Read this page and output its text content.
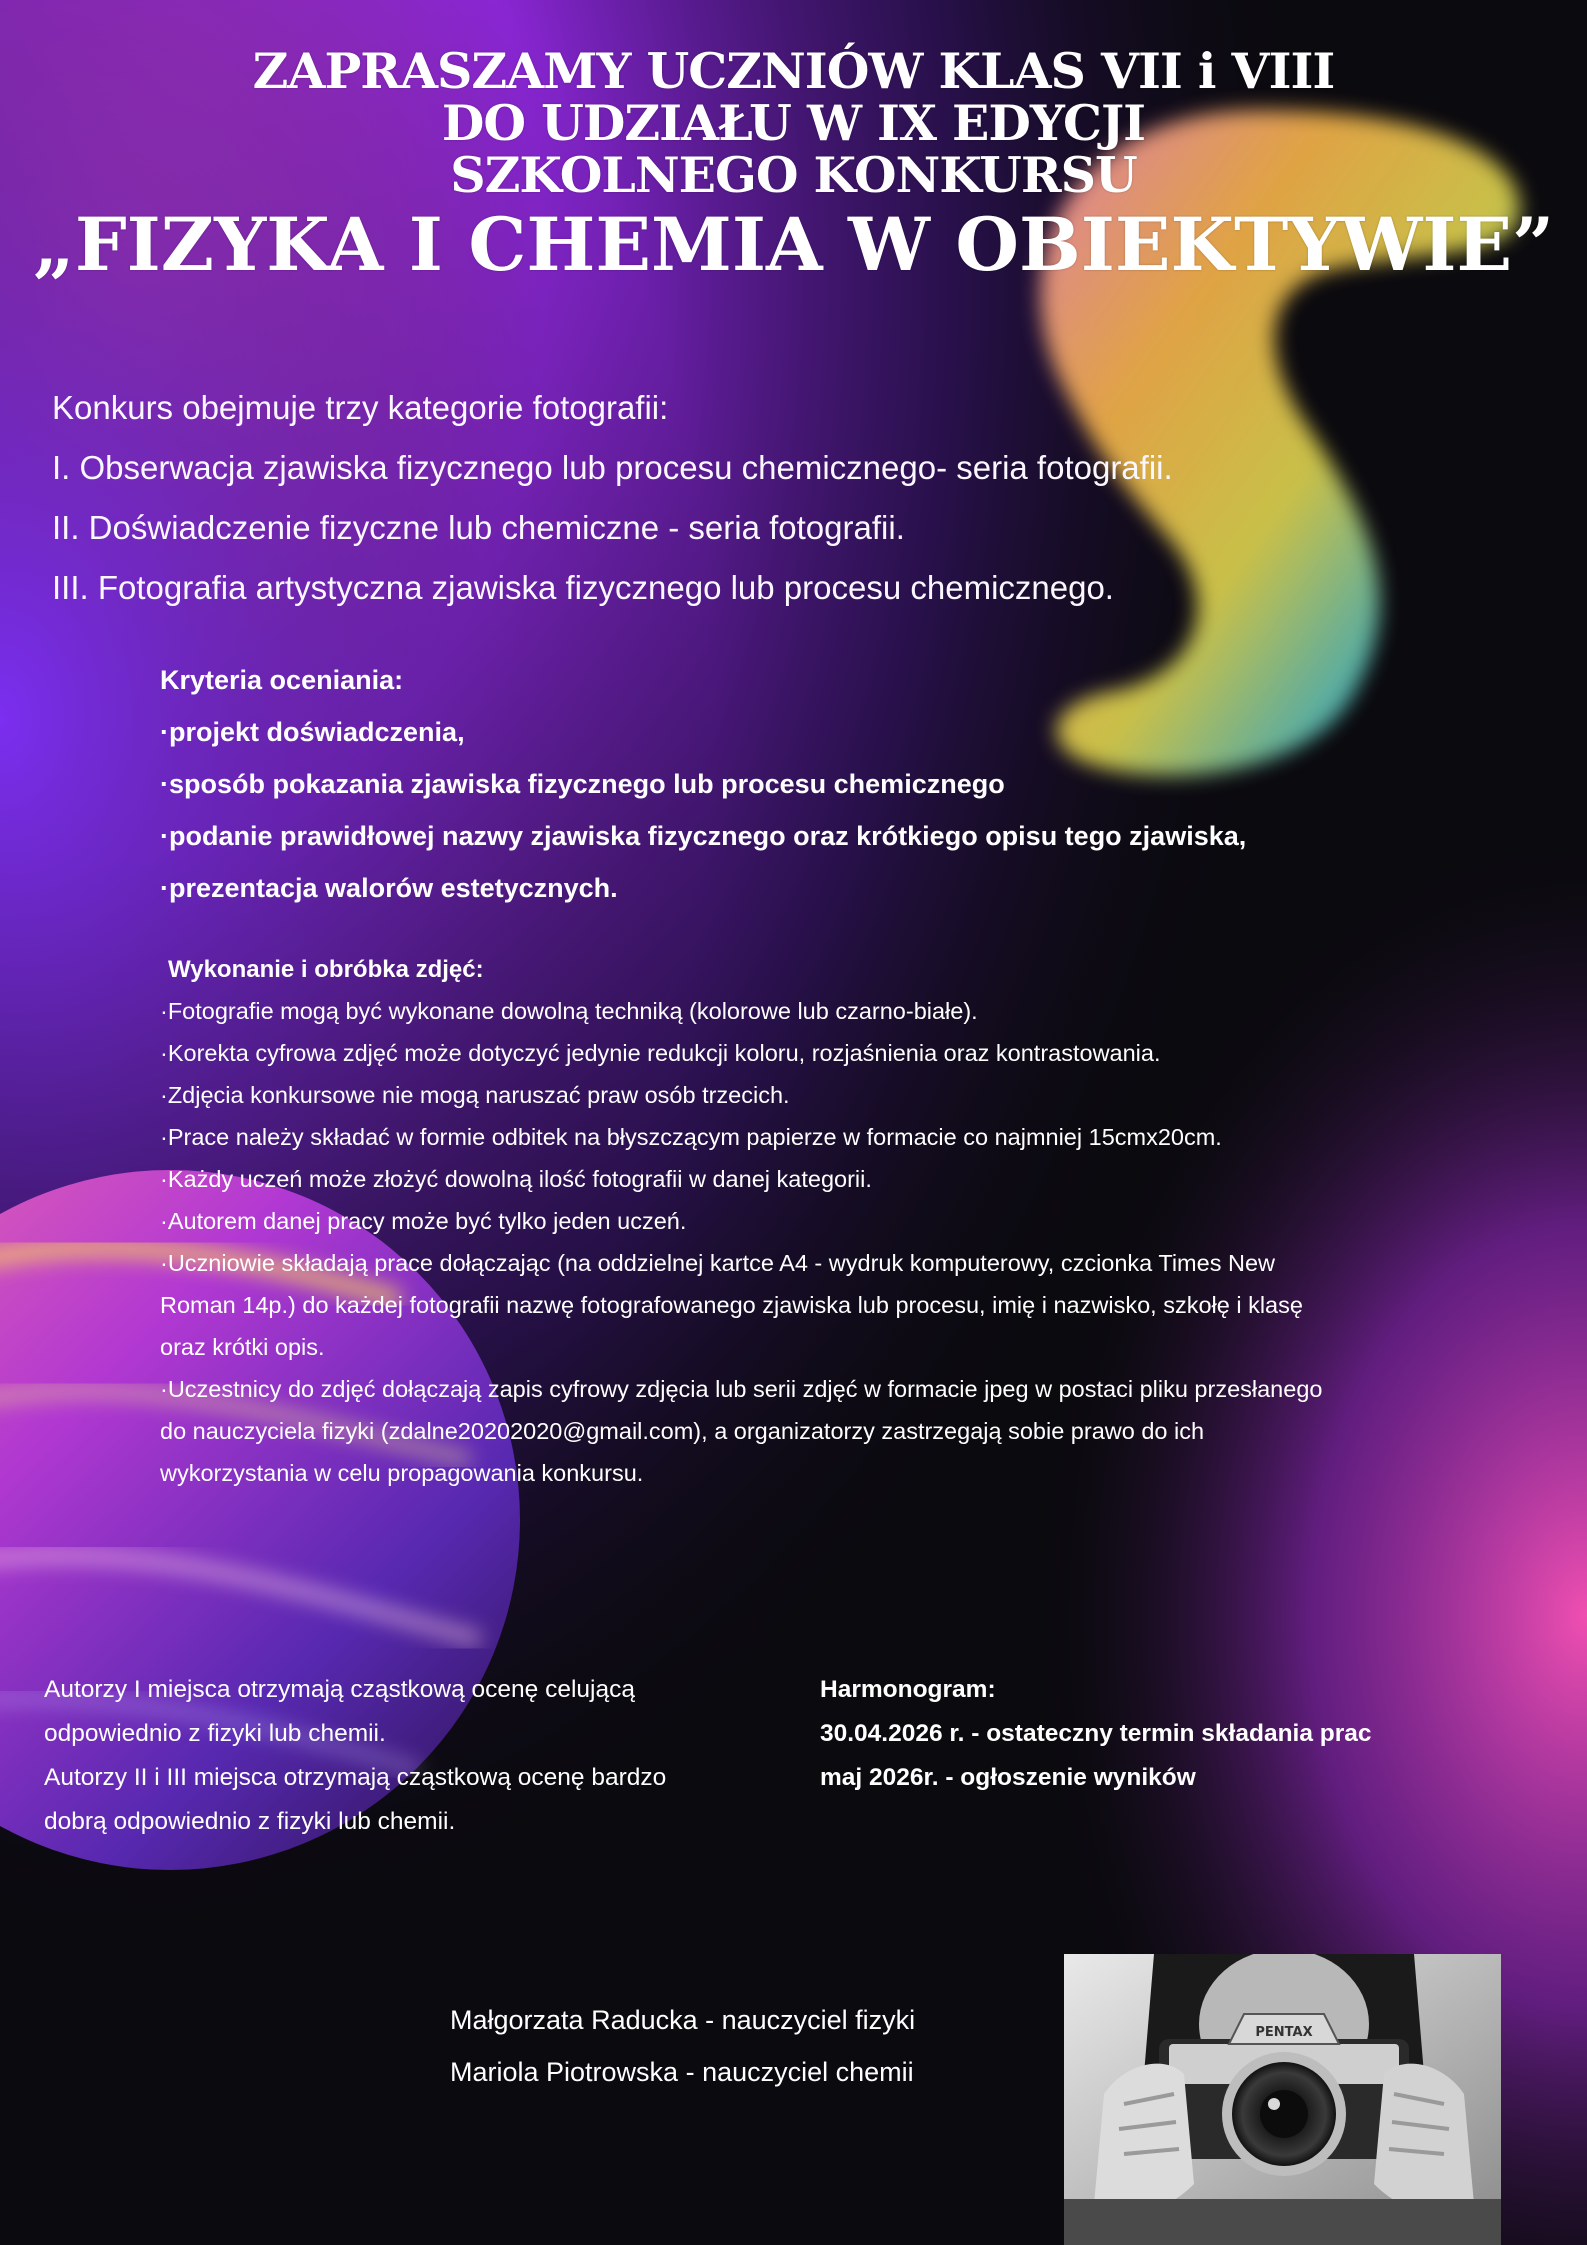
ZAPRASZAMY UCZNIÓW KLAS VII i VIII
DO UDZIAŁU W IX EDYCJI
SZKOLNEGO KONKURSU
„FIZYKA I CHEMIA W OBIEKTYWIE”
Konkurs obejmuje trzy kategorie fotografii:
I. Obserwacja zjawiska fizycznego lub procesu chemicznego- seria fotografii.
II. Doświadczenie fizyczne lub chemiczne - seria fotografii.
III. Fotografia artystyczna zjawiska fizycznego lub procesu chemicznego.
Kryteria oceniania:
·projekt doświadczenia,
·sposób pokazania zjawiska fizycznego lub procesu chemicznego
·podanie prawidłowej nazwy zjawiska fizycznego oraz krótkiego opisu tego zjawiska,
·prezentacja walorów estetycznych.
Wykonanie i obróbka zdjęć:
·Fotografie mogą być wykonane dowolną techniką (kolorowe lub czarno-białe).
·Korekta cyfrowa zdjęć może dotyczyć jedynie redukcji koloru, rozjaśnienia oraz kontrastowania.
·Zdjęcia konkursowe nie mogą naruszać praw osób trzecich.
·Prace należy składać w formie odbitek na błyszczącym papierze w formacie co najmniej 15cmx20cm.
·Każdy uczeń może złożyć dowolną ilość fotografii w danej kategorii.
·Autorem danej pracy może być tylko jeden uczeń.
·Uczniowie składają prace dołączając (na oddzielnej kartce A4 - wydruk komputerowy, czcionka Times New
Roman 14p.) do każdej fotografii nazwę fotografowanego zjawiska lub procesu, imię i nazwisko, szkołę i klasę
oraz krótki opis.
·Uczestnicy do zdjęć dołączają zapis cyfrowy zdjęcia lub serii zdjęć w formacie jpeg w postaci pliku przesłanego
do nauczyciela fizyki (zdalne20202020@gmail.com), a organizatorzy zastrzegają sobie prawo do ich
wykorzystania w celu propagowania konkursu.
Autorzy I miejsca otrzymają cząstkową ocenę celującą
odpowiednio z fizyki lub chemii.
Autorzy II i III miejsca otrzymają cząstkową ocenę bardzo
dobrą odpowiednio z fizyki lub chemii.
Harmonogram:
30.04.2026 r. - ostateczny termin składania prac
maj 2026r. - ogłoszenie wyników
Małgorzata Raducka - nauczyciel fizyki
Mariola Piotrowska - nauczyciel chemii
PENTAX
